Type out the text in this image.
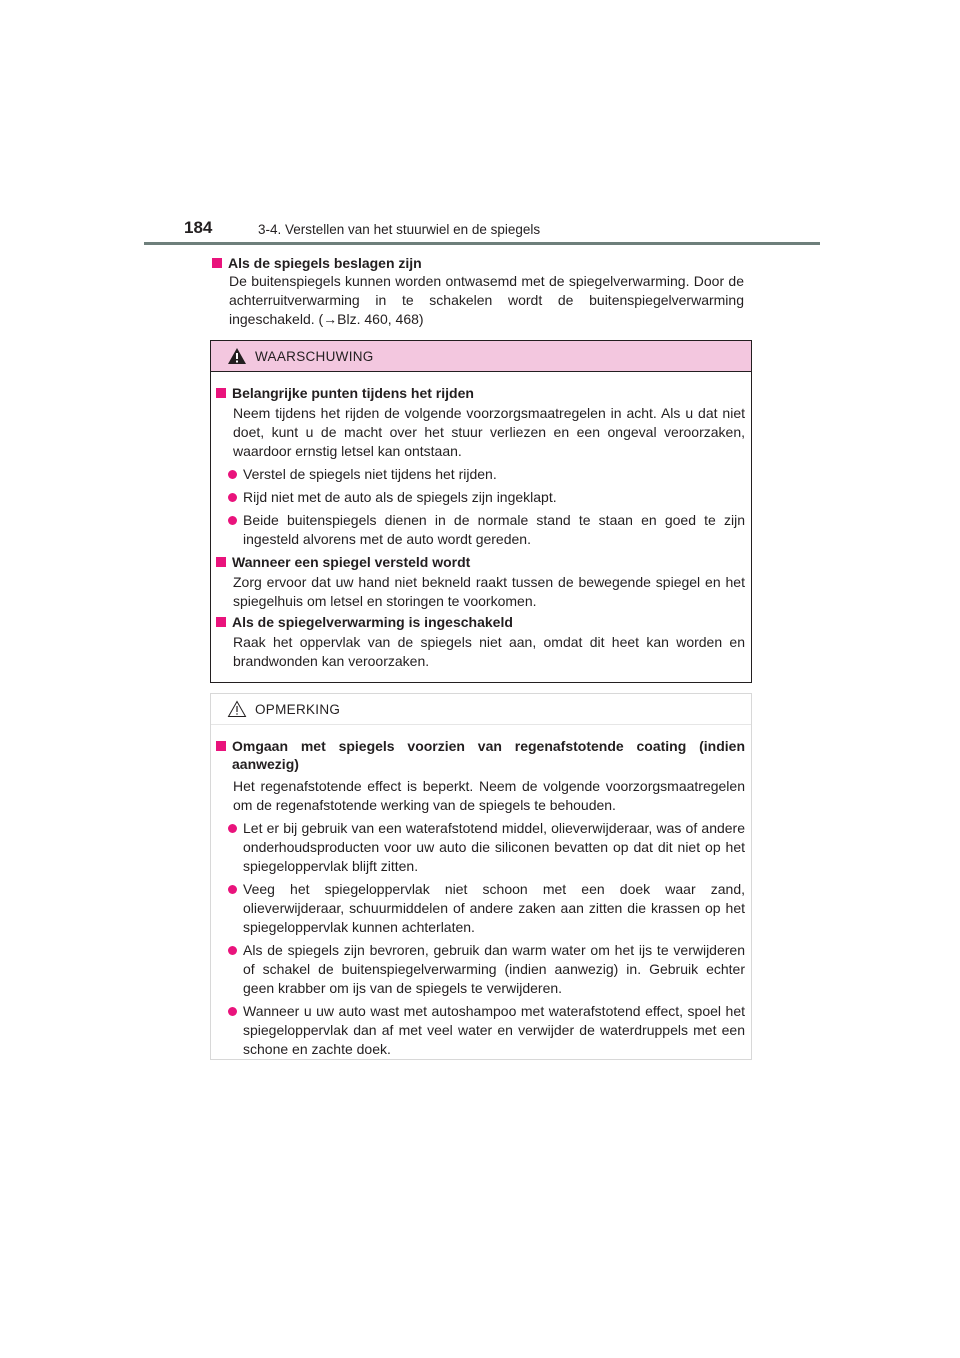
184	3-4. Verstellen van het stuurwiel en de spiegels
Als de spiegels beslagen zijn
De buitenspiegels kunnen worden ontwasemd met de spiegelverwarming. Door de achterruitverwarming in te schakelen wordt de buitenspiegelverwarming ingeschakeld. (→Blz. 460, 468)
WAARSCHUWING
Belangrijke punten tijdens het rijden
Neem tijdens het rijden de volgende voorzorgsmaatregelen in acht. Als u dat niet doet, kunt u de macht over het stuur verliezen en een ongeval veroorzaken, waardoor ernstig letsel kan ontstaan.
Verstel de spiegels niet tijdens het rijden.
Rijd niet met de auto als de spiegels zijn ingeklapt.
Beide buitenspiegels dienen in de normale stand te staan en goed te zijn ingesteld alvorens met de auto wordt gereden.
Wanneer een spiegel versteld wordt
Zorg ervoor dat uw hand niet bekneld raakt tussen de bewegende spiegel en het spiegelhuis om letsel en storingen te voorkomen.
Als de spiegelverwarming is ingeschakeld
Raak het oppervlak van de spiegels niet aan, omdat dit heet kan worden en brandwonden kan veroorzaken.
OPMERKING
Omgaan met spiegels voorzien van regenafstotende coating (indien aanwezig)
Het regenafstotende effect is beperkt. Neem de volgende voorzorgsmaatregelen om de regenafstotende werking van de spiegels te behouden.
Let er bij gebruik van een waterafstotend middel, olieverwijderaar, was of andere onderhoudsproducten voor uw auto die siliconen bevatten op dat dit niet op het spiegeloppervlak blijft zitten.
Veeg het spiegeloppervlak niet schoon met een doek waar zand, olieverwijderaar, schuurmiddelen of andere zaken aan zitten die krassen op het spiegeloppervlak kunnen achterlaten.
Als de spiegels zijn bevroren, gebruik dan warm water om het ijs te verwijderen of schakel de buitenspiegelverwarming (indien aanwezig) in. Gebruik echter geen krabber om ijs van de spiegels te verwijderen.
Wanneer u uw auto wast met autoshampoo met waterafstotend effect, spoel het spiegeloppervlak dan af met veel water en verwijder de waterdruppels met een schone en zachte doek.
